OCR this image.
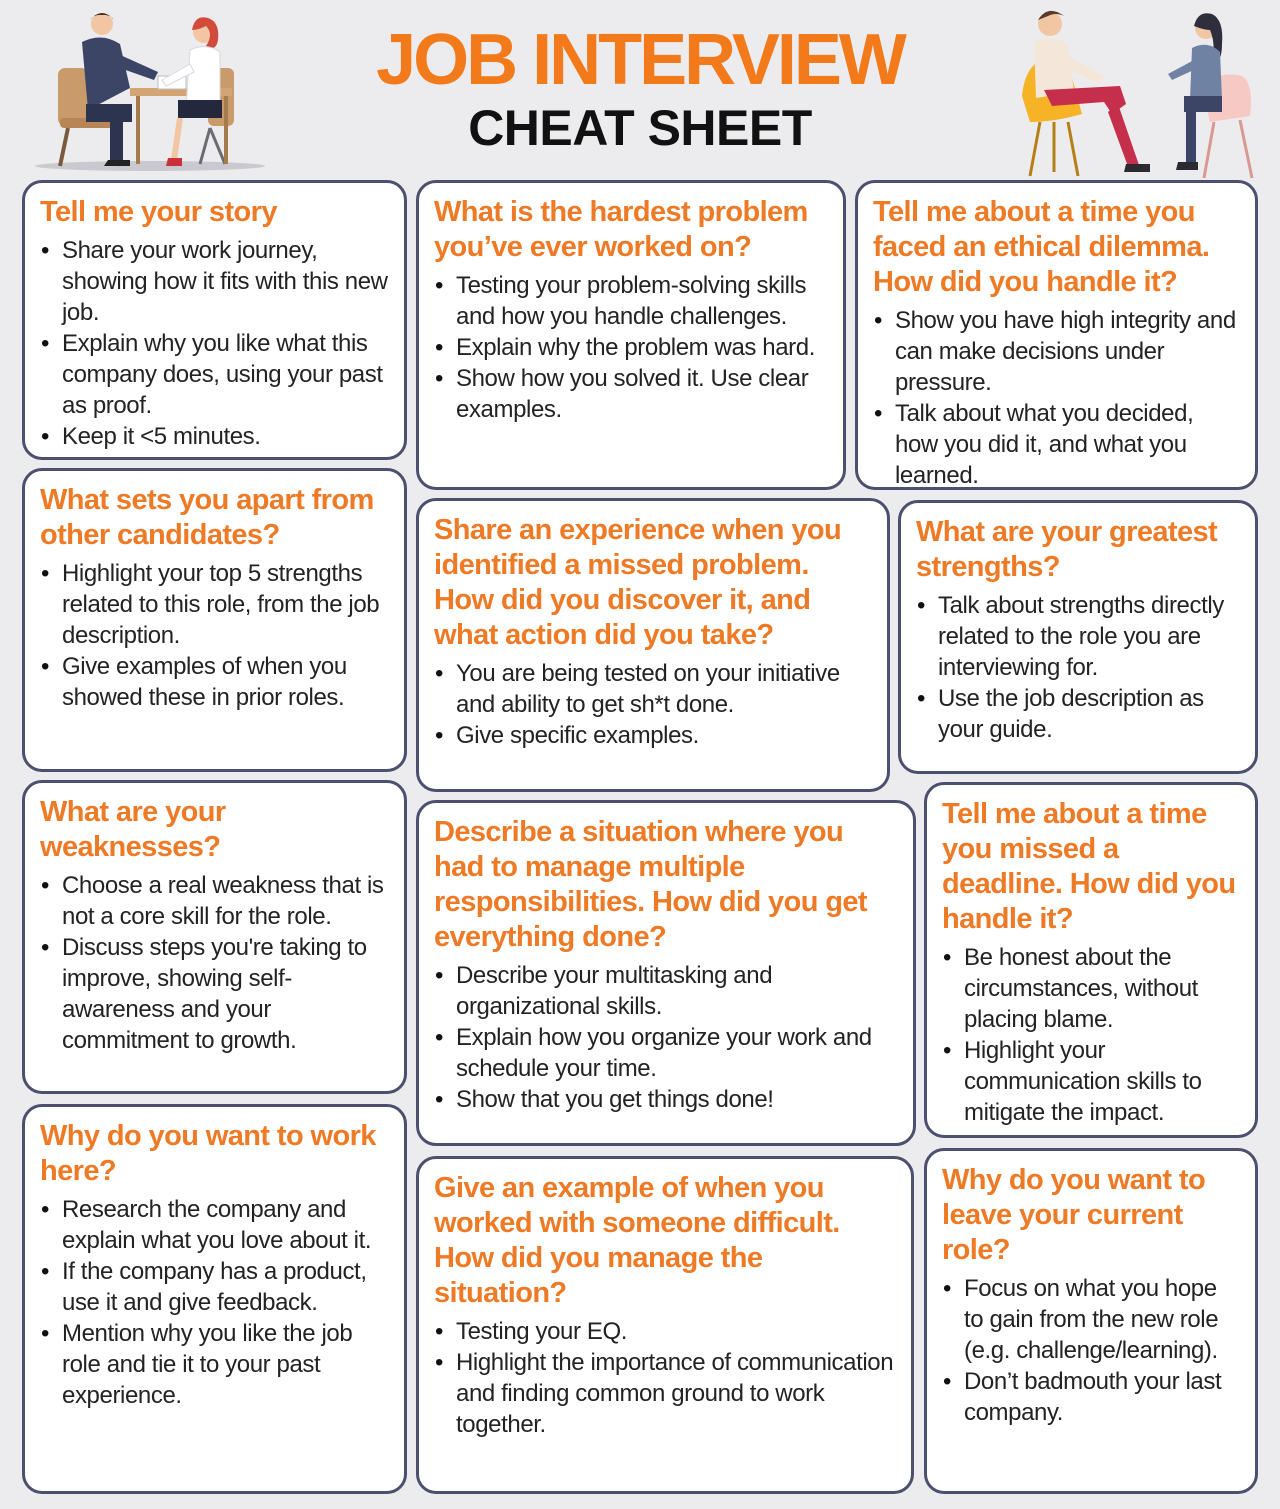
JOB INTERVIEW
CHEAT SHEET
Tell me your story
• Share your work journey, showing how it fits with this new job.
• Explain why you like what this company does, using your past as proof.
• Keep it <5 minutes.
What is the hardest problem you’ve ever worked on?
• Testing your problem-solving skills and how you handle challenges.
• Explain why the problem was hard.
• Show how you solved it. Use clear examples.
Tell me about a time you faced an ethical dilemma. How did you handle it?
• Show you have high integrity and can make decisions under pressure.
• Talk about what you decided, how you did it, and what you learned.
What sets you apart from other candidates?
• Highlight your top 5 strengths related to this role, from the job description.
• Give examples of when you showed these in prior roles.
Share an experience when you identified a missed problem. How did you discover it, and what action did you take?
• You are being tested on your initiative and ability to get sh*t done.
• Give specific examples.
What are your greatest strengths?
• Talk about strengths directly related to the role you are interviewing for.
• Use the job description as your guide.
What are your weaknesses?
• Choose a real weakness that is not a core skill for the role.
• Discuss steps you're taking to improve, showing self-awareness and your commitment to growth.
Describe a situation where you had to manage multiple responsibilities. How did you get everything done?
• Describe your multitasking and organizational skills.
• Explain how you organize your work and schedule your time.
• Show that you get things done!
Tell me about a time you missed a deadline. How did you handle it?
• Be honest about the circumstances, without placing blame.
• Highlight your communication skills to mitigate the impact.
Why do you want to work here?
• Research the company and explain what you love about it.
• If the company has a product, use it and give feedback.
• Mention why you like the job role and tie it to your past experience.
Give an example of when you worked with someone difficult. How did you manage the situation?
• Testing your EQ.
• Highlight the importance of communication and finding common ground to work together.
Why do you want to leave your current role?
• Focus on what you hope to gain from the new role (e.g. challenge/learning).
• Don’t badmouth your last company.
